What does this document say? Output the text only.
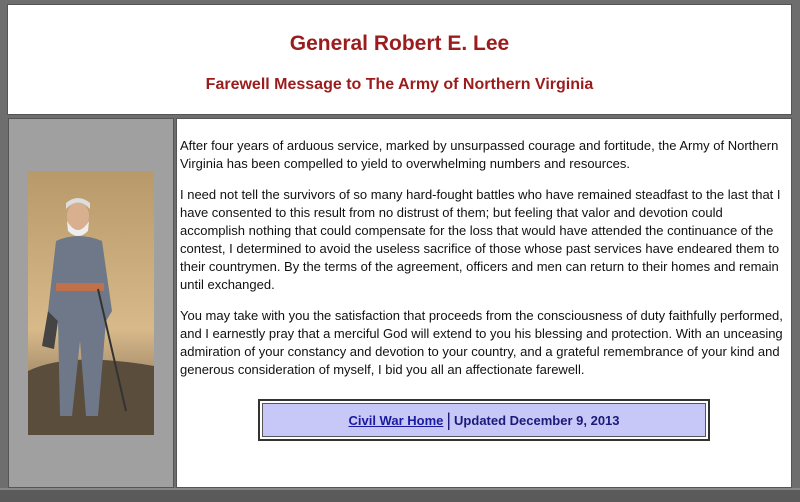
General Robert E. Lee
Farewell Message to The Army of Northern Virginia

After four years of arduous service, marked by unsurpassed courage and fortitude, the Army of Northern Virginia has been compelled to yield to overwhelming numbers and resources.

I need not tell the survivors of so many hard-fought battles who have remained steadfast to the last that I have consented to this result from no distrust of them; but feeling that valor and devotion could accomplish nothing that could compensate for the loss that would have attended the continuance of the contest, I determined to avoid the useless sacrifice of those whose past services have endeared them to their countrymen. By the terms of the agreement, officers and men can return to their homes and remain until exchanged.

You may take with you the satisfaction that proceeds from the consciousness of duty faithfully performed, and I earnestly pray that a merciful God will extend to you his blessing and protection. With an unceasing admiration of your constancy and devotion to your country, and a grateful remembrance of your kind and generous consideration of myself, I bid you all an affectionate farewell.

Civil War Home | Updated December 9, 2013
